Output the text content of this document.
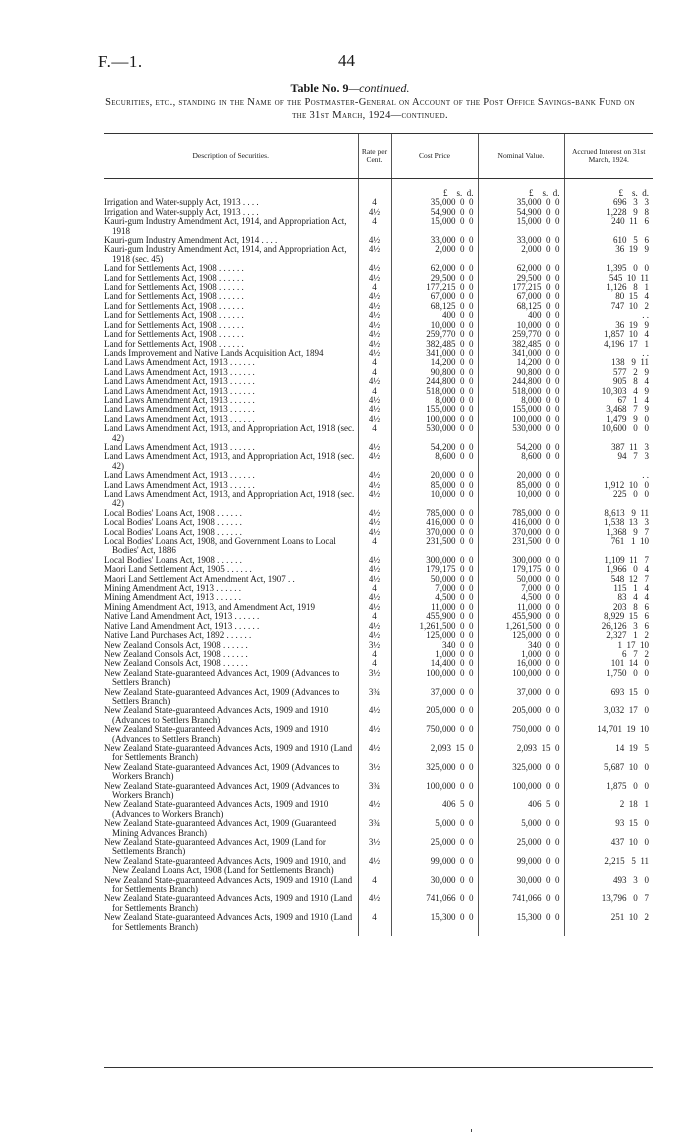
F.—1.	44
Table No. 9—continued.
Securities, etc., standing in the Name of the Postmaster-General on Account of the Post Office Savings-bank Fund on the 31st March, 1924—continued.
Description of Securities.	Rate per Cent.	Cost Price	Nominal Value.	Accrued Interest on 31st March, 1924.
		£    s.  d.	£    s.  d.	£    s.  d.

Irrigation and Water-supply Act, 1913 . . . .	4	35,000  0  0	35,000  0  0	696   3   3

Irrigation and Water-supply Act, 1913 . . . .	4½	54,900  0  0	54,900  0  0	1,228   9   8

Kauri-gum Industry Amendment Act, 1914, and Appropriation Act, 1918	4	15,000  0  0	15,000  0  0	240  11   6

Kauri-gum Industry Amendment Act, 1914 . . . .	4½	33,000  0  0	33,000  0  0	610   5   6

Kauri-gum Industry Amendment Act, 1914, and Appropriation Act, 1918 (sec. 45)	4½	2,000  0  0	2,000  0  0	36  19   9

Land for Settlements Act, 1908 . . . . . .	4½	62,000  0  0	62,000  0  0	1,395   0   0

Land for Settlements Act, 1908 . . . . . .	4½	29,500  0  0	29,500  0  0	545  10  11

Land for Settlements Act, 1908 . . . . . .	4	177,215  0  0	177,215  0  0	1,126   8   1

Land for Settlements Act, 1908 . . . . . .	4½	67,000  0  0	67,000  0  0	80  15   4

Land for Settlements Act, 1908 . . . . . .	4½	68,125  0  0	68,125  0  0	747  10   2

Land for Settlements Act, 1908 . . . . . .	4½	400  0  0	400  0  0	. .

Land for Settlements Act, 1908 . . . . . .	4½	10,000  0  0	10,000  0  0	36  19   9

Land for Settlements Act, 1908 . . . . . .	4½	259,770  0  0	259,770  0  0	1,857  10   4

Land for Settlements Act, 1908 . . . . . .	4½	382,485  0  0	382,485  0  0	4,196  17   1

Lands Improvement and Native Lands Acquisition Act, 1894	4½	341,000  0  0	341,000  0  0	. .

Land Laws Amendment Act, 1913 . . . . . .	4	14,200  0  0	14,200  0  0	138   9  11

Land Laws Amendment Act, 1913 . . . . . .	4	90,800  0  0	90,800  0  0	577   2   9

Land Laws Amendment Act, 1913 . . . . . .	4½	244,800  0  0	244,800  0  0	905   8   4

Land Laws Amendment Act, 1913 . . . . . .	4	518,000  0  0	518,000  0  0	10,303   4   9

Land Laws Amendment Act, 1913 . . . . . .	4½	8,000  0  0	8,000  0  0	67   1   4

Land Laws Amendment Act, 1913 . . . . . .	4½	155,000  0  0	155,000  0  0	3,468   7   9

Land Laws Amendment Act, 1913 . . . . . .	4½	100,000  0  0	100,000  0  0	1,479   9   0

Land Laws Amendment Act, 1913, and Appropriation Act, 1918 (sec. 42)	4	530,000  0  0	530,000  0  0	10,600   0   0

Land Laws Amendment Act, 1913 . . . . . .	4½	54,200  0  0	54,200  0  0	387  11   3

Land Laws Amendment Act, 1913, and Appropriation Act, 1918 (sec. 42)	4½	8,600  0  0	8,600  0  0	94   7   3

Land Laws Amendment Act, 1913 . . . . . .	4½	20,000  0  0	20,000  0  0	. .

Land Laws Amendment Act, 1913 . . . . . .	4½	85,000  0  0	85,000  0  0	1,912  10   0

Land Laws Amendment Act, 1913, and Appropriation Act, 1918 (sec. 42)	4½	10,000  0  0	10,000  0  0	225   0   0

Local Bodies' Loans Act, 1908 . . . . . .	4½	785,000  0  0	785,000  0  0	8,613   9  11

Local Bodies' Loans Act, 1908 . . . . . .	4½	416,000  0  0	416,000  0  0	1,538  13   3

Local Bodies' Loans Act, 1908 . . . . . .	4½	370,000  0  0	370,000  0  0	1,368   9   7

Local Bodies' Loans Act, 1908, and Government Loans to Local Bodies' Act, 1886	4	231,500  0  0	231,500  0  0	761   1  10

Local Bodies' Loans Act, 1908 . . . . . .	4½	300,000  0  0	300,000  0  0	1,109  11   7

Maori Land Settlement Act, 1905 . . . . . .	4½	179,175  0  0	179,175  0  0	1,966   0   4

Maori Land Settlement Act Amendment Act, 1907 . .	4½	50,000  0  0	50,000  0  0	548  12   7

Mining Amendment Act, 1913 . . . . . .	4	7,000  0  0	7,000  0  0	115   1   4

Mining Amendment Act, 1913 . . . . . .	4½	4,500  0  0	4,500  0  0	83   4   4

Mining Amendment Act, 1913, and Amendment Act, 1919	4½	11,000  0  0	11,000  0  0	203   8   6

Native Land Amendment Act, 1913 . . . . . .	4	455,900  0  0	455,900  0  0	8,929  15   6

Native Land Amendment Act, 1913 . . . . . .	4½	1,261,500  0  0	1,261,500  0  0	26,126   3   6

Native Land Purchases Act, 1892 . . . . . .	4½	125,000  0  0	125,000  0  0	2,327   1   2

New Zealand Consols Act, 1908 . . . . . .	3½	340  0  0	340  0  0	1  17  10

New Zealand Consols Act, 1908 . . . . . .	4	1,000  0  0	1,000  0  0	6   7   2

New Zealand Consols Act, 1908 . . . . . .	4	14,400  0  0	16,000  0  0	101  14   0

New Zealand State-guaranteed Advances Act, 1909 (Advances to Settlers Branch)	3½	100,000  0  0	100,000  0  0	1,750   0   0

New Zealand State-guaranteed Advances Act, 1909 (Advances to Settlers Branch)	3¾	37,000  0  0	37,000  0  0	693  15   0

New Zealand State-guaranteed Advances Acts, 1909 and 1910 (Advances to Settlers Branch)	4½	205,000  0  0	205,000  0  0	3,032  17   0

New Zealand State-guaranteed Advances Acts, 1909 and 1910 (Advances to Settlers Branch)	4½	750,000  0  0	750,000  0  0	14,701  19  10

New Zealand State-guaranteed Advances Acts, 1909 and 1910 (Land for Settlements Branch)	4½	2,093  15  0	2,093  15  0	14  19   5

New Zealand State-guaranteed Advances Act, 1909 (Advances to Workers Branch)	3½	325,000  0  0	325,000  0  0	5,687  10   0

New Zealand State-guaranteed Advances Act, 1909 (Advances to Workers Branch)	3¾	100,000  0  0	100,000  0  0	1,875   0   0

New Zealand State-guaranteed Advances Acts, 1909 and 1910 (Advances to Workers Branch)	4½	406  5  0	406  5  0	2  18   1

New Zealand State-guaranteed Advances Act, 1909 (Guaranteed Mining Advances Branch)	3¾	5,000  0  0	5,000  0  0	93  15   0

New Zealand State-guaranteed Advances Act, 1909 (Land for Settlements Branch)	3½	25,000  0  0	25,000  0  0	437  10   0

New Zealand State-guaranteed Advances Acts, 1909 and 1910, and New Zealand Loans Act, 1908 (Land for Settlements Branch)	4½	99,000  0  0	99,000  0  0	2,215   5  11

New Zealand State-guaranteed Advances Acts, 1909 and 1910 (Land for Settlements Branch)	4	30,000  0  0	30,000  0  0	493   3   0

New Zealand State-guaranteed Advances Acts, 1909 and 1910 (Land for Settlements Branch)	4½	741,066  0  0	741,066  0  0	13,796   0   7

New Zealand State-guaranteed Advances Acts, 1909 and 1910 (Land for Settlements Branch)	4	15,300  0  0	15,300  0  0	251  10   2
